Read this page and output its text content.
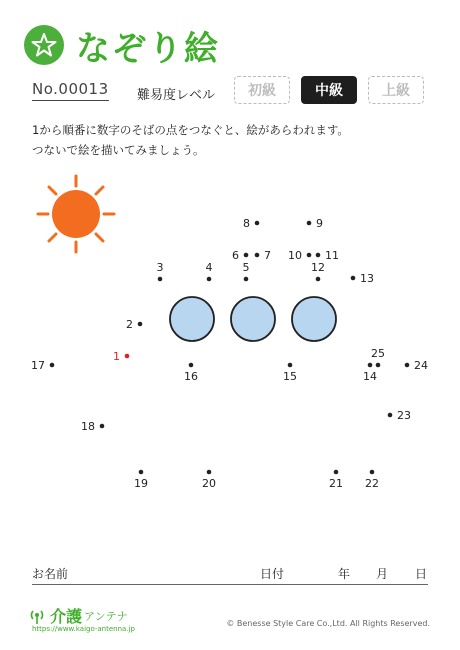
なぞり絵
No.00013 難易度レベル 初級	中級	上級
1から順番に数字のそばの点をつなぐと、絵があらわれます。
つないで絵を描いてみましょう。
1
2
3	4	5
6 7
8	9
10 11
12
13
14
15
16
17
18
19	20	21 22
23
24
25
お名前	日付	年 月 日
介護 アンテナ
https://www.kaigo-antenna.jp
© Benesse Style Care Co.,Ltd. All Rights Reserved.
